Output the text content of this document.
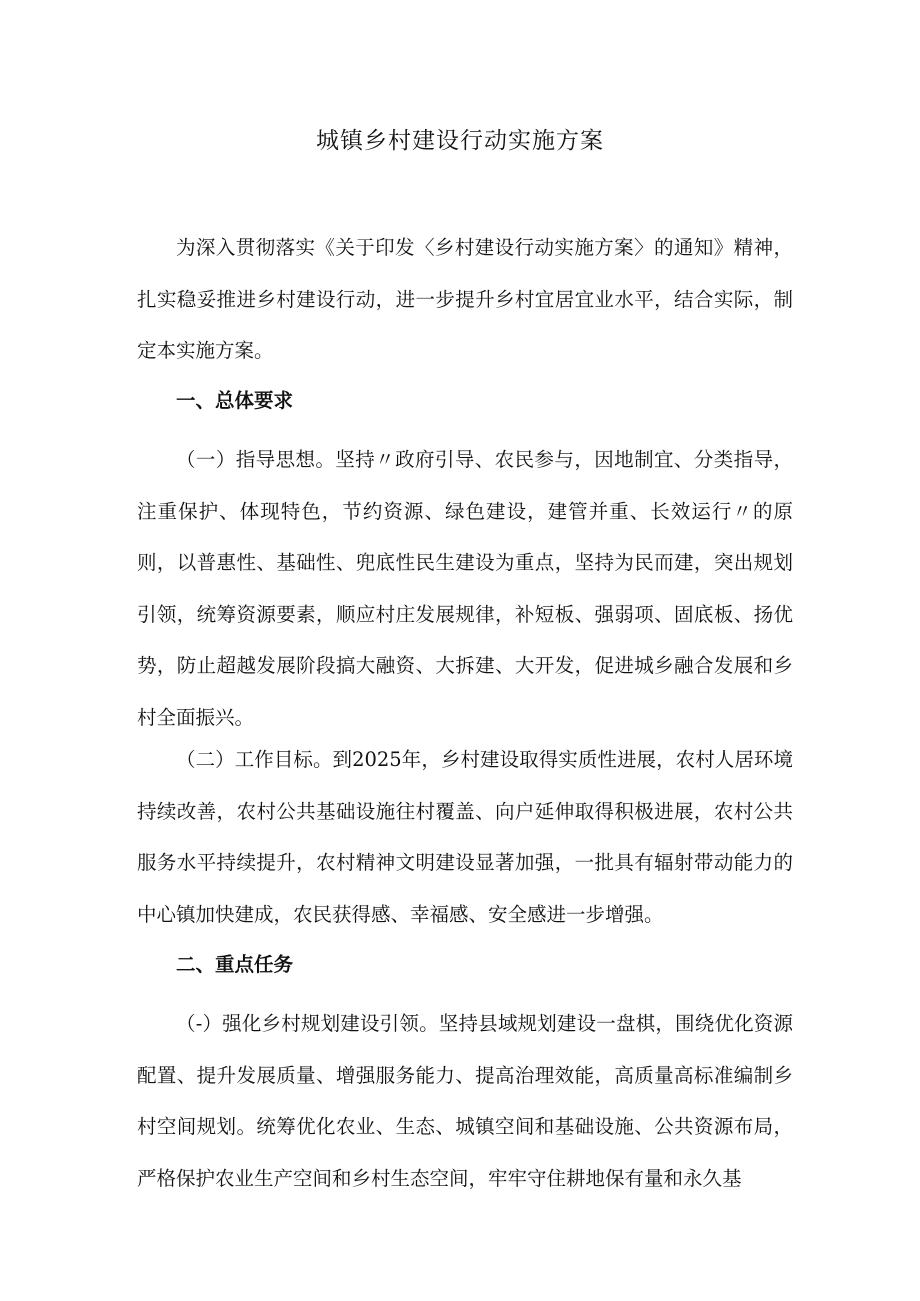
城镇乡村建设行动实施方案
为深入贯彻落实《关于印发〈乡村建设行动实施方案〉的通知》精神，扎实稳妥推进乡村建设行动，进一步提升乡村宜居宜业水平，结合实际，制定本实施方案。
一、总体要求
（一）指导思想。坚持〃政府引导、农民参与，因地制宜、分类指导，注重保护、体现特色，节约资源、绿色建设，建管并重、长效运行〃的原则，以普惠性、基础性、兜底性民生建设为重点，坚持为民而建，突出规划引领，统筹资源要素，顺应村庄发展规律，补短板、强弱项、固底板、扬优势，防止超越发展阶段搞大融资、大拆建、大开发，促进城乡融合发展和乡村全面振兴。
（二）工作目标。到2025年，乡村建设取得实质性进展，农村人居环境持续改善，农村公共基础设施往村覆盖、向户延伸取得积极进展，农村公共服务水平持续提升，农村精神文明建设显著加强，一批具有辐射带动能力的中心镇加快建成，农民获得感、幸福感、安全感进一步增强。
二、重点任务
（-）强化乡村规划建设引领。坚持县域规划建设一盘棋，围绕优化资源配置、提升发展质量、增强服务能力、提高治理效能，高质量高标准编制乡村空间规划。统筹优化农业、生态、城镇空间和基础设施、公共资源布局，严格保护农业生产空间和乡村生态空间，牢牢守住耕地保有量和永久基
